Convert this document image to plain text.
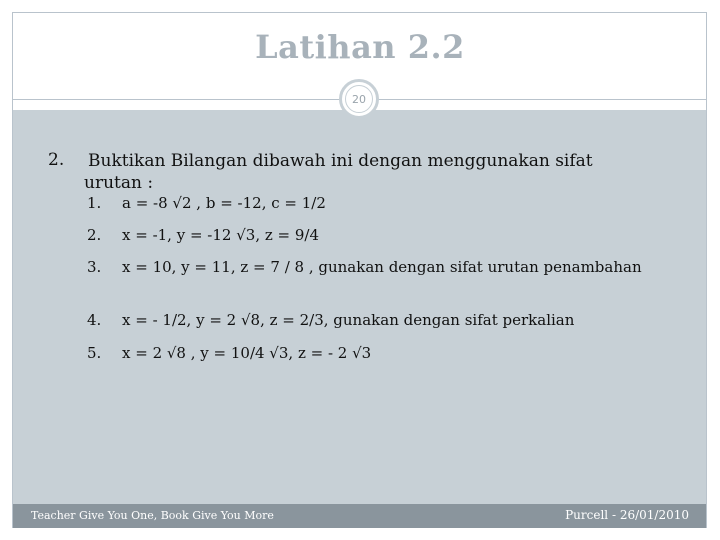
Latihan 2.2
20
2. Buktikan Bilangan dibawah ini dengan menggunakan sifat
urutan :
1. a = -8 √2 , b = -12, c = 1/2
2. x = -1, y = -12 √3, z = 9/4
3. x = 10, y = 11, z = 7 / 8 , gunakan dengan sifat urutan penambahan
4. x = - 1/2, y = 2 √8, z = 2/3, gunakan dengan sifat perkalian
5. x = 2 √8 , y = 10/4 √3, z = - 2 √3
Teacher Give You One, Book Give You More	Purcell - 26/01/2010
